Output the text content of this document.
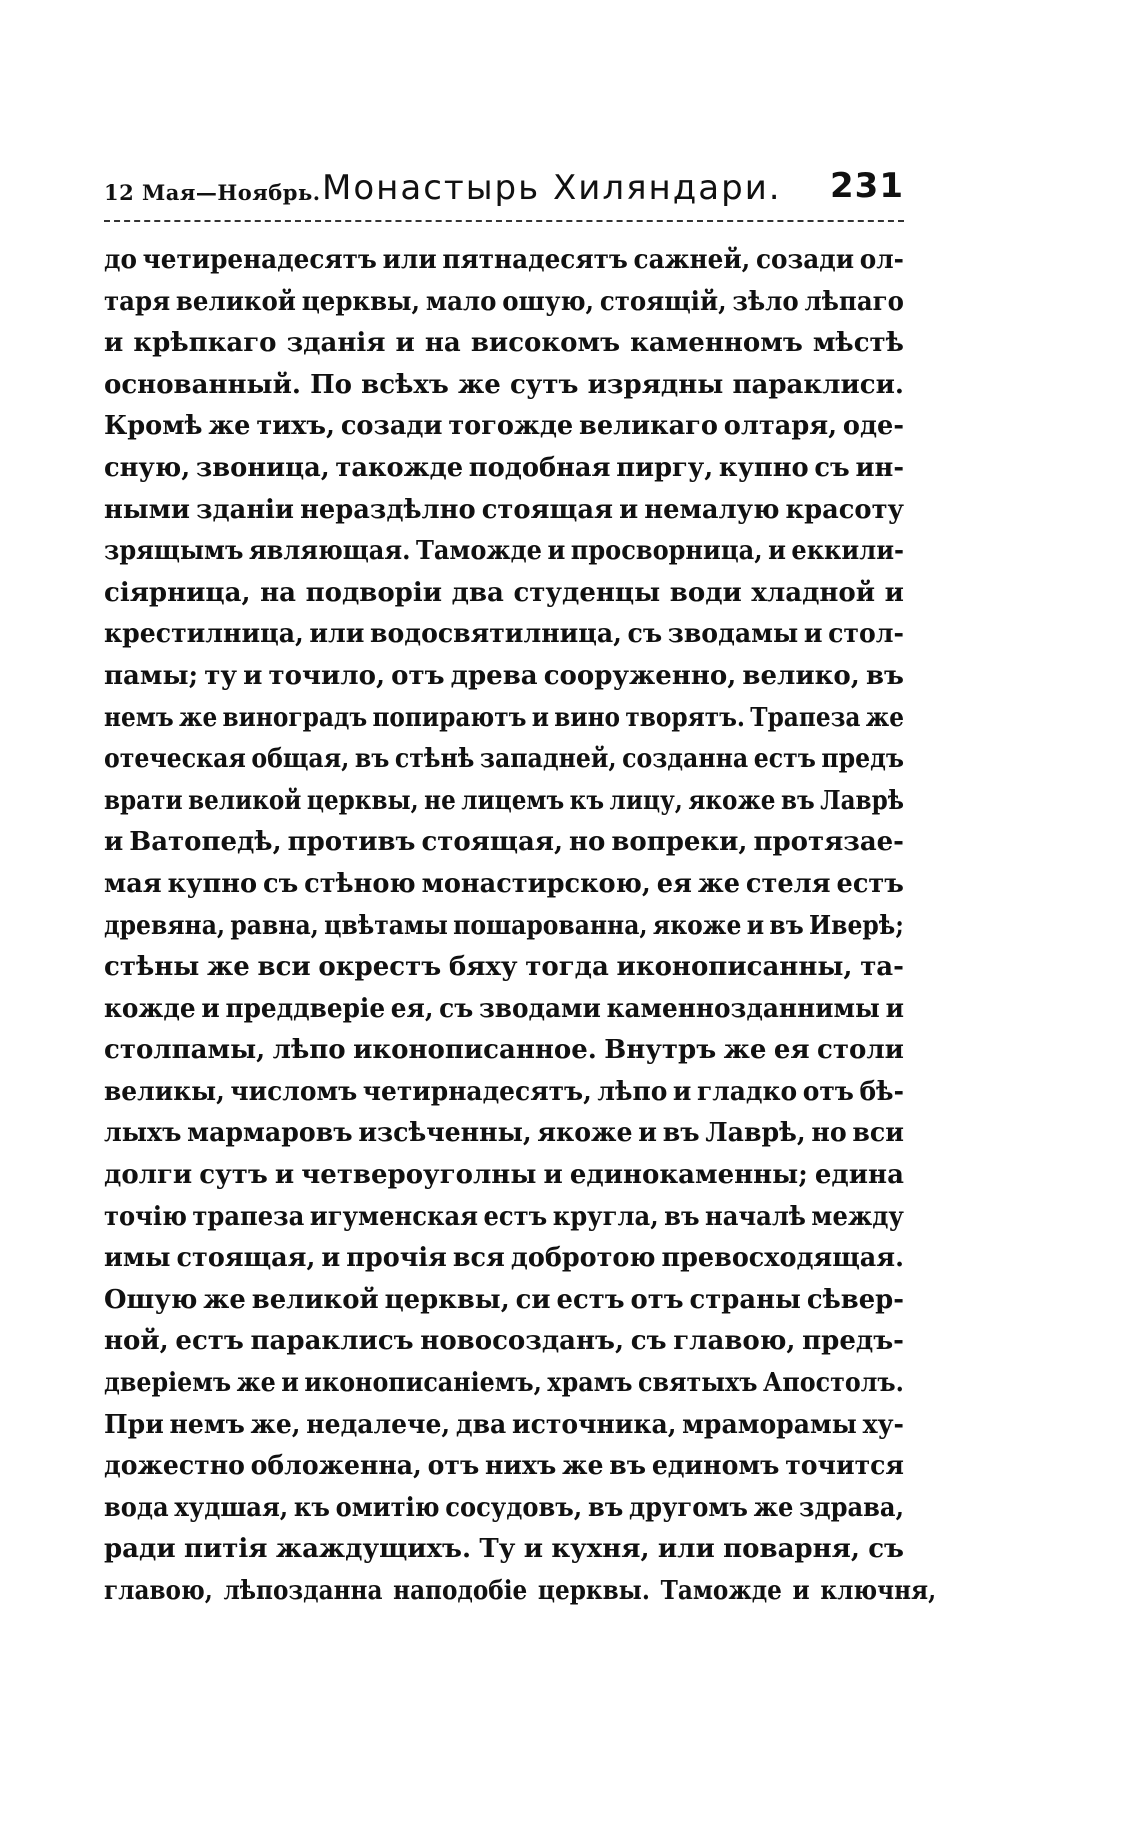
12 Мая—Ноябрь. Монастырь Хиляндари. 231
до четиренадесятъ или пятнадесятъ сажней, созади ол-
таря великой церквы, мало ошую, стоящій, зѣло лѣпаго
и крѣпкаго зданія и на високомъ каменномъ мѣстѣ
основанный. По всѣхъ же сутъ изрядны параклиси.
Кромѣ же тихъ, созади тогожде великаго олтаря, оде-
сную, звоница, такожде подобная пиргу, купно съ ин-
ными зданіи нераздѣлно стоящая и немалую красоту
зрящымъ являющая. Тамождe и просворница, и еккили-
сіярница, на подворіи два студенцы води хладной и
крестилница, или водосвятилница, съ зводамы и стол-
памы; ту и точило, отъ древа сооруженно, велико, въ
немъ же виноградъ попираютъ и вино творятъ. Трапеза же
отеческая общая, въ стѣнѣ западней, созданна естъ предъ
врати великой церквы, не лицемъ къ лицу, якоже въ Лаврѣ
и Ватопедѣ, противъ стоящая, но вопреки, протязае-
мая купно съ стѣною монастирскою, ея же стеля естъ
древяна, равна, цвѣтамы пошарованна, якоже и въ Иверѣ;
стѣны же вси окрестъ бяху тогда иконописанны, та-
кожде и преддверіе ея, съ зводами каменнозданнимы и
столпамы, лѣпо иконописанное. Внутръ же ея столи
великы, числомъ четирнадесятъ, лѣпо и гладко отъ бѣ-
лыхъ мармаровъ изсѣченны, якоже и въ Лаврѣ, но вси
долги сутъ и четвероуголны и единокаменны; едина
точію трапеза игуменская естъ кругла, въ началѣ между
имы стоящая, и прочія вся добротою превосходящая.
Ошую же великой церквы, си естъ отъ страны сѣвер-
ной, естъ параклисъ новосозданъ, съ главою, предъ-
дверіемъ же и иконописаніемъ, храмъ святыхъ Апостолъ.
При немъ же, недалече, два источника, мраморамы ху-
дожестно обложенна, отъ нихъ же въ единомъ точится
вода худшая, къ омитію сосудовъ, въ другомъ же здрава,
ради питія жаждущихъ. Ту и кухня, или поварня, съ
главою, лѣпозданна наподобіе церквы. Тамождe и ключня,
